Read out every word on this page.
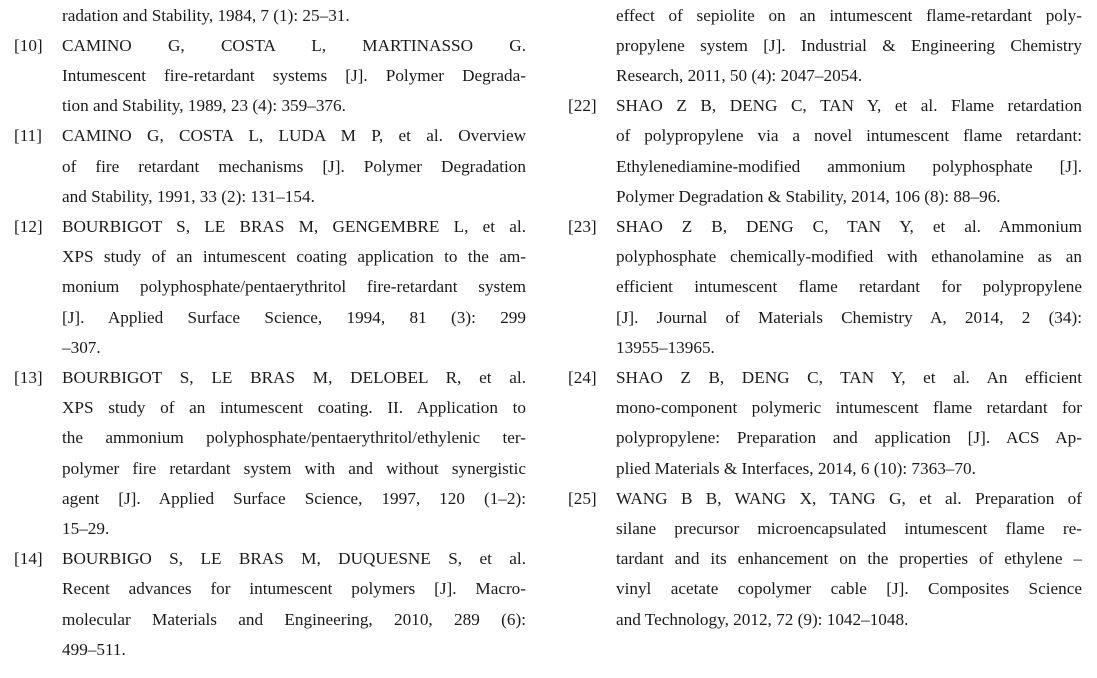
radation and Stability, 1984, 7 (1): 25–31.
[10] CAMINO G, COSTA L, MARTINASSO G.
Intumescent fire-retardant systems [J]. Polymer Degrada-
tion and Stability, 1989, 23 (4): 359–376.
[11] CAMINO G, COSTA L, LUDA M P, et al. Overview
of fire retardant mechanisms [J]. Polymer Degradation
and Stability, 1991, 33 (2): 131–154.
[12] BOURBIGOT S, LE BRAS M, GENGEMBRE L, et al.
XPS study of an intumescent coating application to the am-
monium polyphosphate/pentaerythritol fire-retardant system
[J]. Applied Surface Science, 1994, 81 (3): 299
–307.
[13] BOURBIGOT S, LE BRAS M, DELOBEL R, et al.
XPS study of an intumescent coating. II. Application to
the ammonium polyphosphate/pentaerythritol/ethylenic ter-
polymer fire retardant system with and without synergistic
agent [J]. Applied Surface Science, 1997, 120 (1–2):
15–29.
[14] BOURBIGO S, LE BRAS M, DUQUESNE S, et al.
Recent advances for intumescent polymers [J]. Macro-
molecular Materials and Engineering, 2010, 289 (6):
499–511.
effect of sepiolite on an intumescent flame-retardant poly-
propylene system [J]. Industrial & Engineering Chemistry
Research, 2011, 50 (4): 2047–2054.
[22] SHAO Z B, DENG C, TAN Y, et al. Flame retardation
of polypropylene via a novel intumescent flame retardant:
Ethylenediamine-modified ammonium polyphosphate [J].
Polymer Degradation & Stability, 2014, 106 (8): 88–96.
[23] SHAO Z B, DENG C, TAN Y, et al. Ammonium
polyphosphate chemically-modified with ethanolamine as an
efficient intumescent flame retardant for polypropylene
[J]. Journal of Materials Chemistry A, 2014, 2 (34):
13955–13965.
[24] SHAO Z B, DENG C, TAN Y, et al. An efficient
mono-component polymeric intumescent flame retardant for
polypropylene: Preparation and application [J]. ACS Ap-
plied Materials & Interfaces, 2014, 6 (10): 7363–70.
[25] WANG B B, WANG X, TANG G, et al. Preparation of
silane precursor microencapsulated intumescent flame re-
tardant and its enhancement on the properties of ethylene –
vinyl acetate copolymer cable [J]. Composites Science
and Technology, 2012, 72 (9): 1042–1048.
